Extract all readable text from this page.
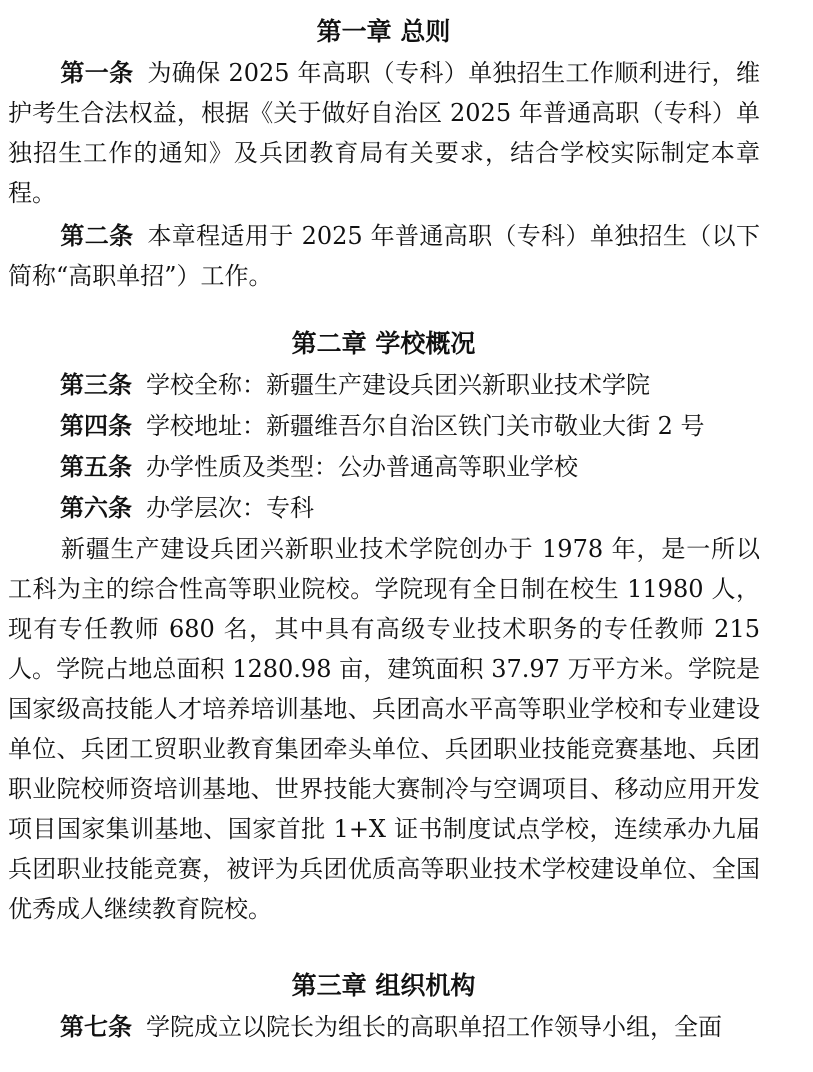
第一章 总则

第一条 为确保 2025 年高职（专科）单独招生工作顺利进行，维护考生合法权益，根据《关于做好自治区 2025 年普通高职（专科）单独招生工作的通知》及兵团教育局有关要求，结合学校实际制定本章程。

第二条 本章程适用于 2025 年普通高职（专科）单独招生（以下简称“高职单招”）工作。

第二章 学校概况

第三条 学校全称：新疆生产建设兵团兴新职业技术学院

第四条 学校地址：新疆维吾尔自治区铁门关市敬业大街 2 号

第五条 办学性质及类型：公办普通高等职业学校

第六条 办学层次：专科

新疆生产建设兵团兴新职业技术学院创办于 1978 年，是一所以工科为主的综合性高等职业院校。学院现有全日制在校生 11980 人，现有专任教师 680 名，其中具有高级专业技术职务的专任教师 215 人。学院占地总面积 1280.98 亩，建筑面积 37.97 万平方米。学院是国家级高技能人才培养培训基地、兵团高水平高等职业学校和专业建设单位、兵团工贸职业教育集团牵头单位、兵团职业技能竞赛基地、兵团职业院校师资培训基地、世界技能大赛制冷与空调项目、移动应用开发项目国家集训基地、国家首批 1+X 证书制度试点学校，连续承办九届兵团职业技能竞赛，被评为兵团优质高等职业技术学校建设单位、全国优秀成人继续教育院校。

第三章 组织机构

第七条 学院成立以院长为组长的高职单招工作领导小组，全面
